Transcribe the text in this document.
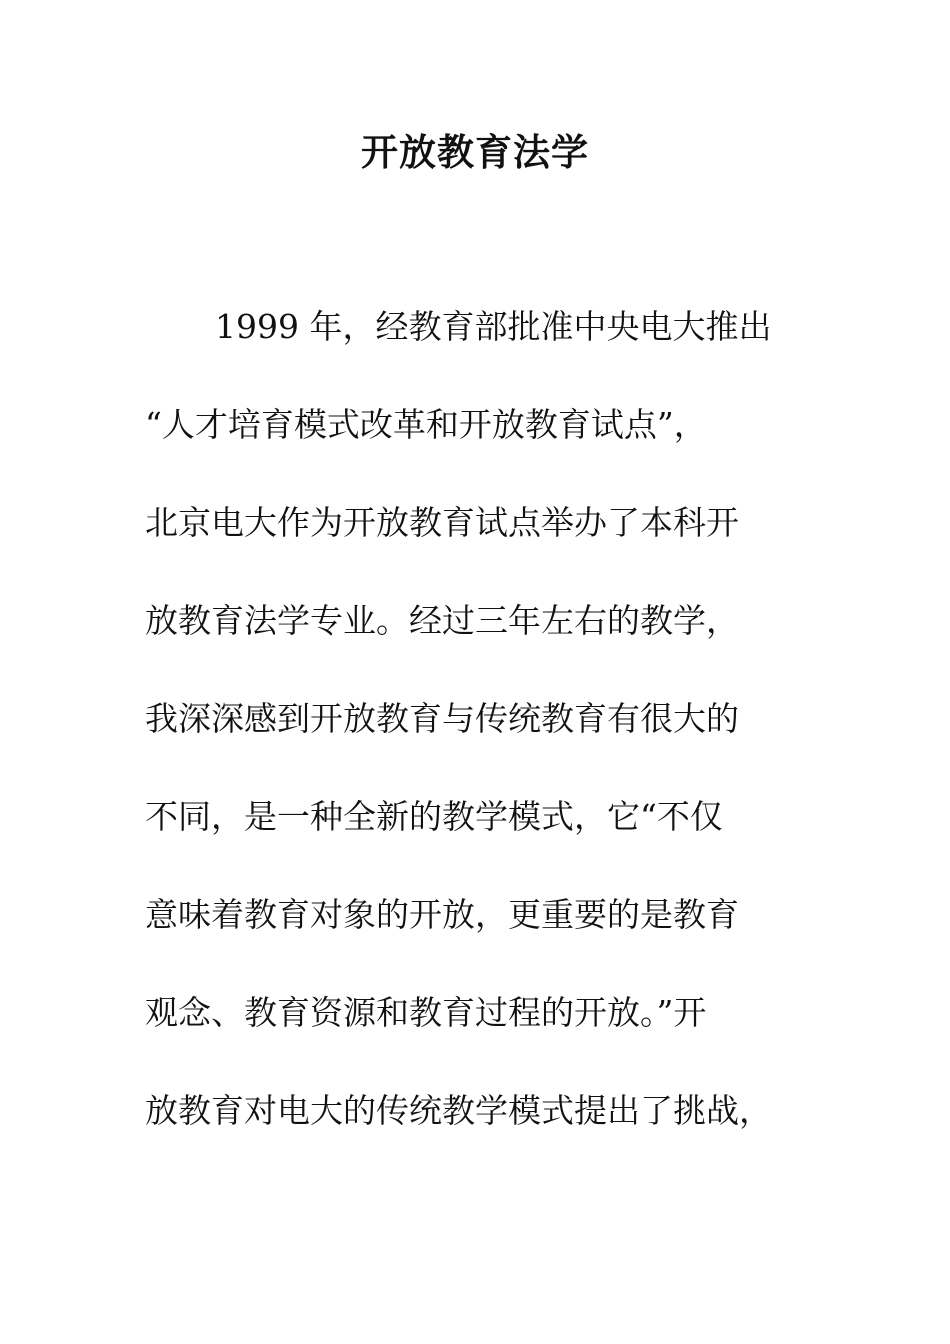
开放教育法学
1999 年，经教育部批准中央电大推出
“人才培育模式改革和开放教育试点”，
北京电大作为开放教育试点举办了本科开
放教育法学专业。经过三年左右的教学，
我深深感到开放教育与传统教育有很大的
不同，是一种全新的教学模式，它“不仅
意味着教育对象的开放，更重要的是教育
观念、教育资源和教育过程的开放。”开
放教育对电大的传统教学模式提出了挑战，
